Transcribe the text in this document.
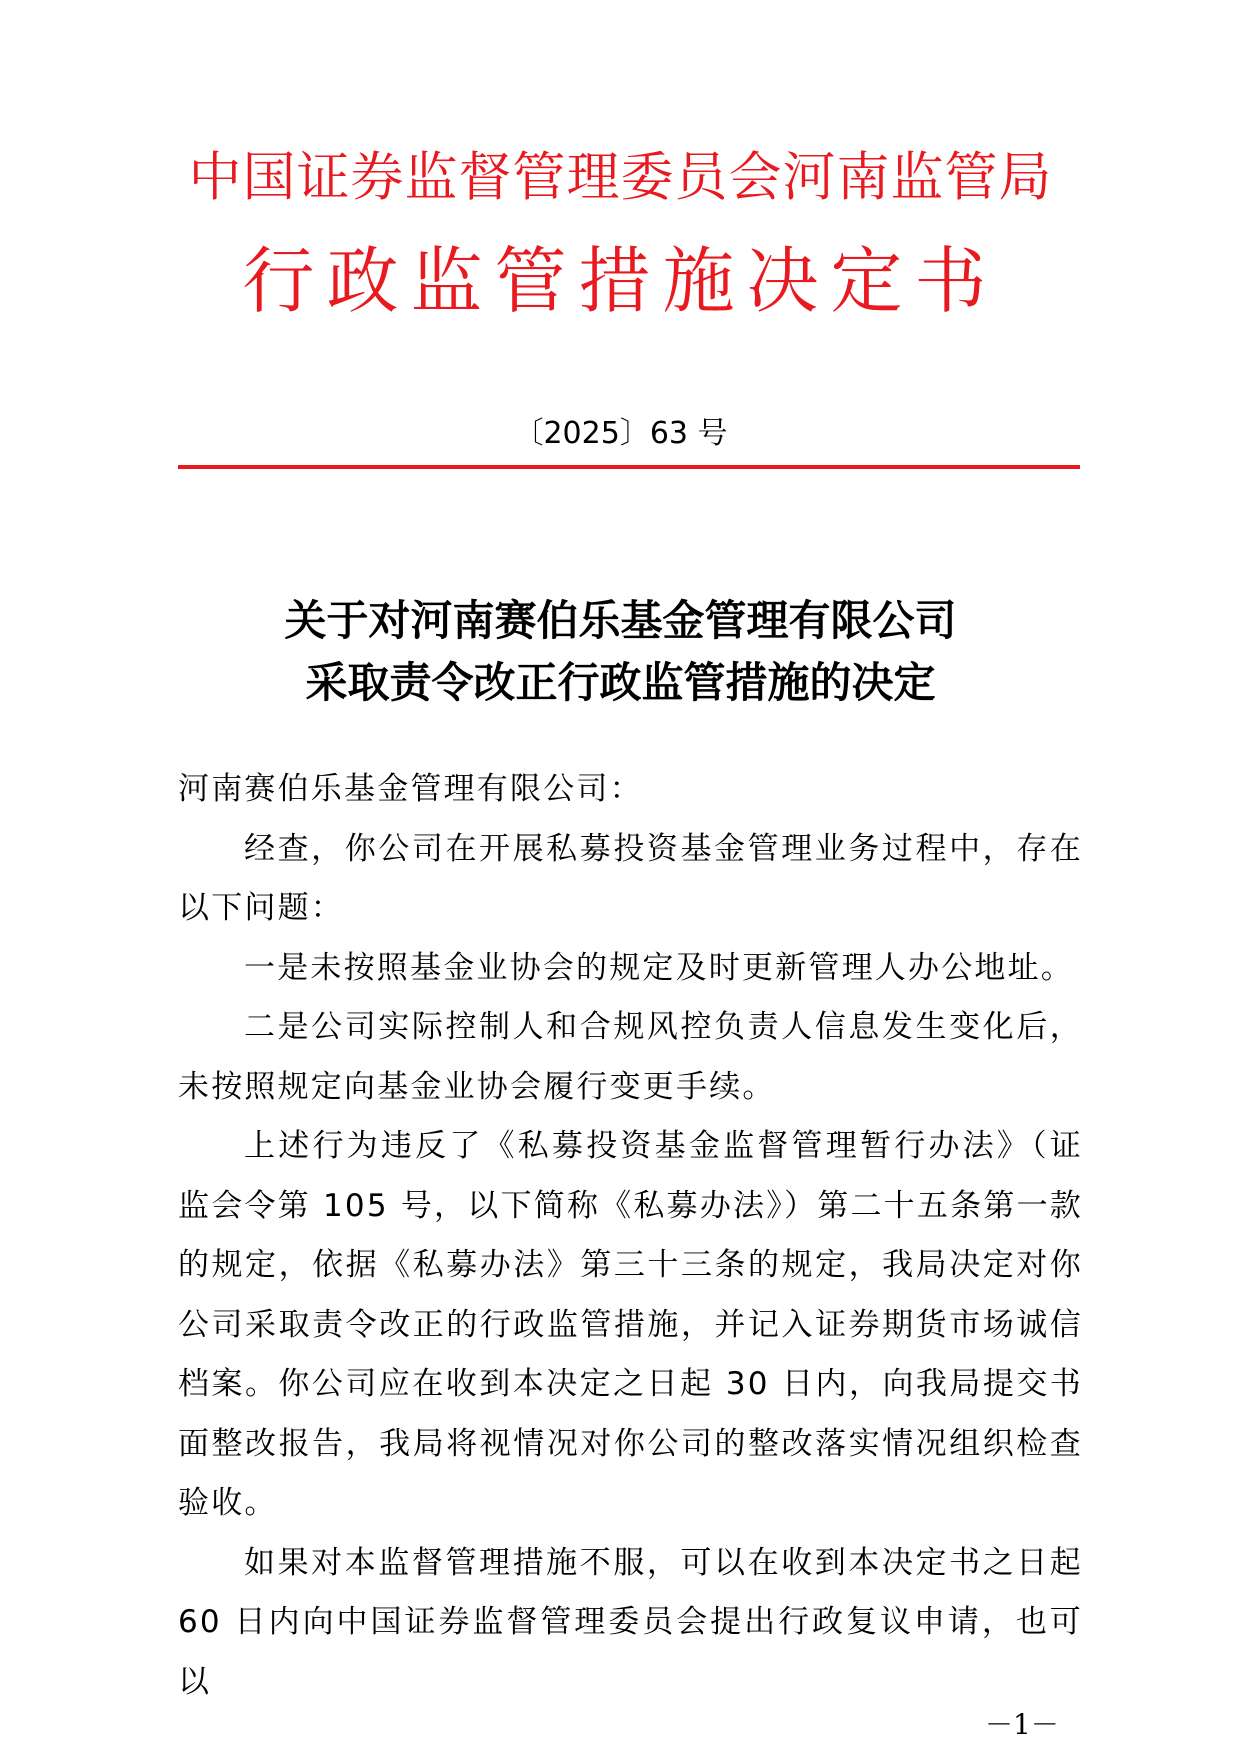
中国证券监督管理委员会河南监管局
行政监管措施决定书
〔2025〕63 号
关于对河南赛伯乐基金管理有限公司
采取责令改正行政监管措施的决定

河南赛伯乐基金管理有限公司：

经查，你公司在开展私募投资基金管理业务过程中，存在以下问题：

一是未按照基金业协会的规定及时更新管理人办公地址。

二是公司实际控制人和合规风控负责人信息发生变化后，未按照规定向基金业协会履行变更手续。

上述行为违反了《私募投资基金监督管理暂行办法》（证监会令第 105 号，以下简称《私募办法》）第二十五条第一款的规定，依据《私募办法》第三十三条的规定，我局决定对你公司采取责令改正的行政监管措施，并记入证券期货市场诚信档案。你公司应在收到本决定之日起 30 日内，向我局提交书面整改报告，我局将视情况对你公司的整改落实情况组织检查验收。

如果对本监督管理措施不服，可以在收到本决定书之日起 60 日内向中国证券监督管理委员会提出行政复议申请，也可以

－1－
